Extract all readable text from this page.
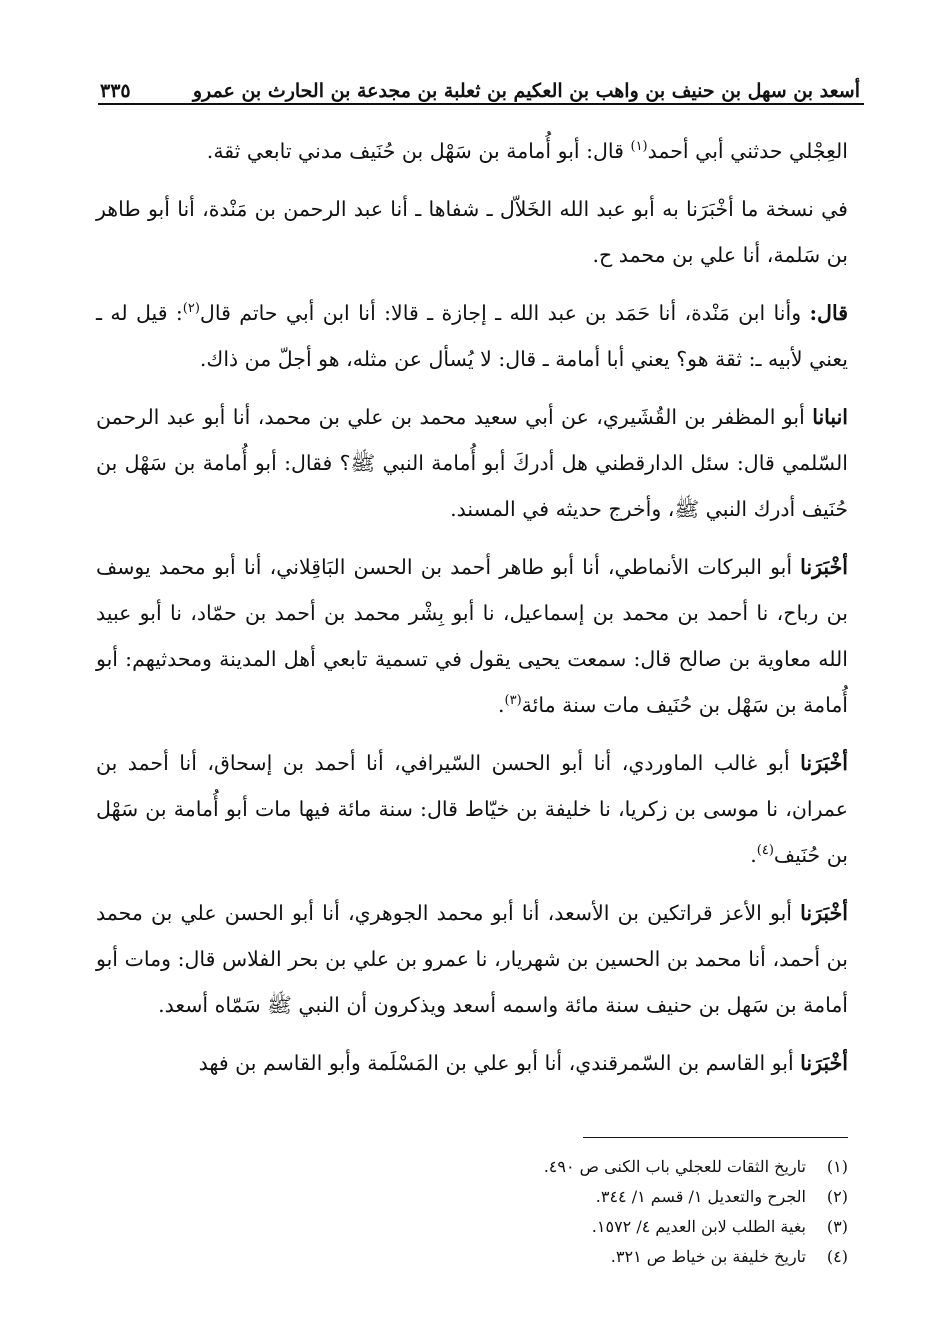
أسعد بن سهل بن حنيف بن واهب بن العكيم بن ثعلبة بن مجدعة بن الحارث بن عمرو
٣٣٥

العِجْلي حدثني أبي أحمد$^{(١)}$ قال: أبو أُمامة بن سَهْل بن حُنَيف مدني تابعي ثقة.

في نسخة ما أخْبَرَنا به أبو عبد الله الخَلاّل ـ شفاها ـ أنا عبد الرحمن بن مَنْدة، أنا أبو طاهر بن سَلمة، أنا علي بن محمد ح.

قال: وأنا ابن مَنْدة، أنا حَمَد بن عبد الله ـ إجازة ـ قالا: أنا ابن أبي حاتم قال$^{(٢)}$: قيل له ـ يعني لأبيه ـ: ثقة هو؟ يعني أبا أمامة ـ قال: لا يُسأل عن مثله، هو أجلّ من ذاك.

انبانا أبو المظفر بن القُشَيري، عن أبي سعيد محمد بن علي بن محمد، أنا أبو عبد الرحمن السّلمي قال: سئل الدارقطني هل أدركَ أبو أُمامة النبي ﷺ؟ فقال: أبو أُمامة بن سَهْل بن حُنَيف أدرك النبي ﷺ، وأخرج حديثه في المسند.

أخْبَرَنا أبو البركات الأنماطي، أنا أبو طاهر أحمد بن الحسن البَاقِلاني، أنا أبو محمد يوسف بن رباح، نا أحمد بن محمد بن إسماعيل، نا أبو بِشْر محمد بن أحمد بن حمّاد، نا أبو عبيد الله معاوية بن صالح قال: سمعت يحيى يقول في تسمية تابعي أهل المدينة ومحدثيهم: أبو أُمامة بن سَهْل بن حُنَيف مات سنة مائة$^{(٣)}$.

أخْبَرَنا أبو غالب الماوردي، أنا أبو الحسن السّيرافي، أنا أحمد بن إسحاق، أنا أحمد بن عمران، نا موسى بن زكريا، نا خليفة بن خيّاط قال: سنة مائة فيها مات أبو أُمامة بن سَهْل بن حُنَيف$^{(٤)}$.

أخْبَرَنا أبو الأعز قراتكين بن الأسعد، أنا أبو محمد الجوهري، أنا أبو الحسن علي بن محمد بن أحمد، أنا محمد بن الحسين بن شهريار، نا عمرو بن علي بن بحر الفلاس قال: ومات أبو أمامة بن سَهل بن حنيف سنة مائة واسمه أسعد ويذكرون أن النبي ﷺ سَمّاه أسعد.

أخْبَرَنا أبو القاسم بن السّمرقندي، أنا أبو علي بن المَسْلَمة وأبو القاسم بن فهد

(١)
تاريخ الثقات للعجلي باب الكنى ص ٤٩٠.
(٢)
الجرح والتعديل ١/ قسم ١/ ٣٤٤.
(٣)
بغية الطلب لابن العديم ٤/ ١٥٧٢.
(٤)
تاريخ خليفة بن خياط ص ٣٢١.
